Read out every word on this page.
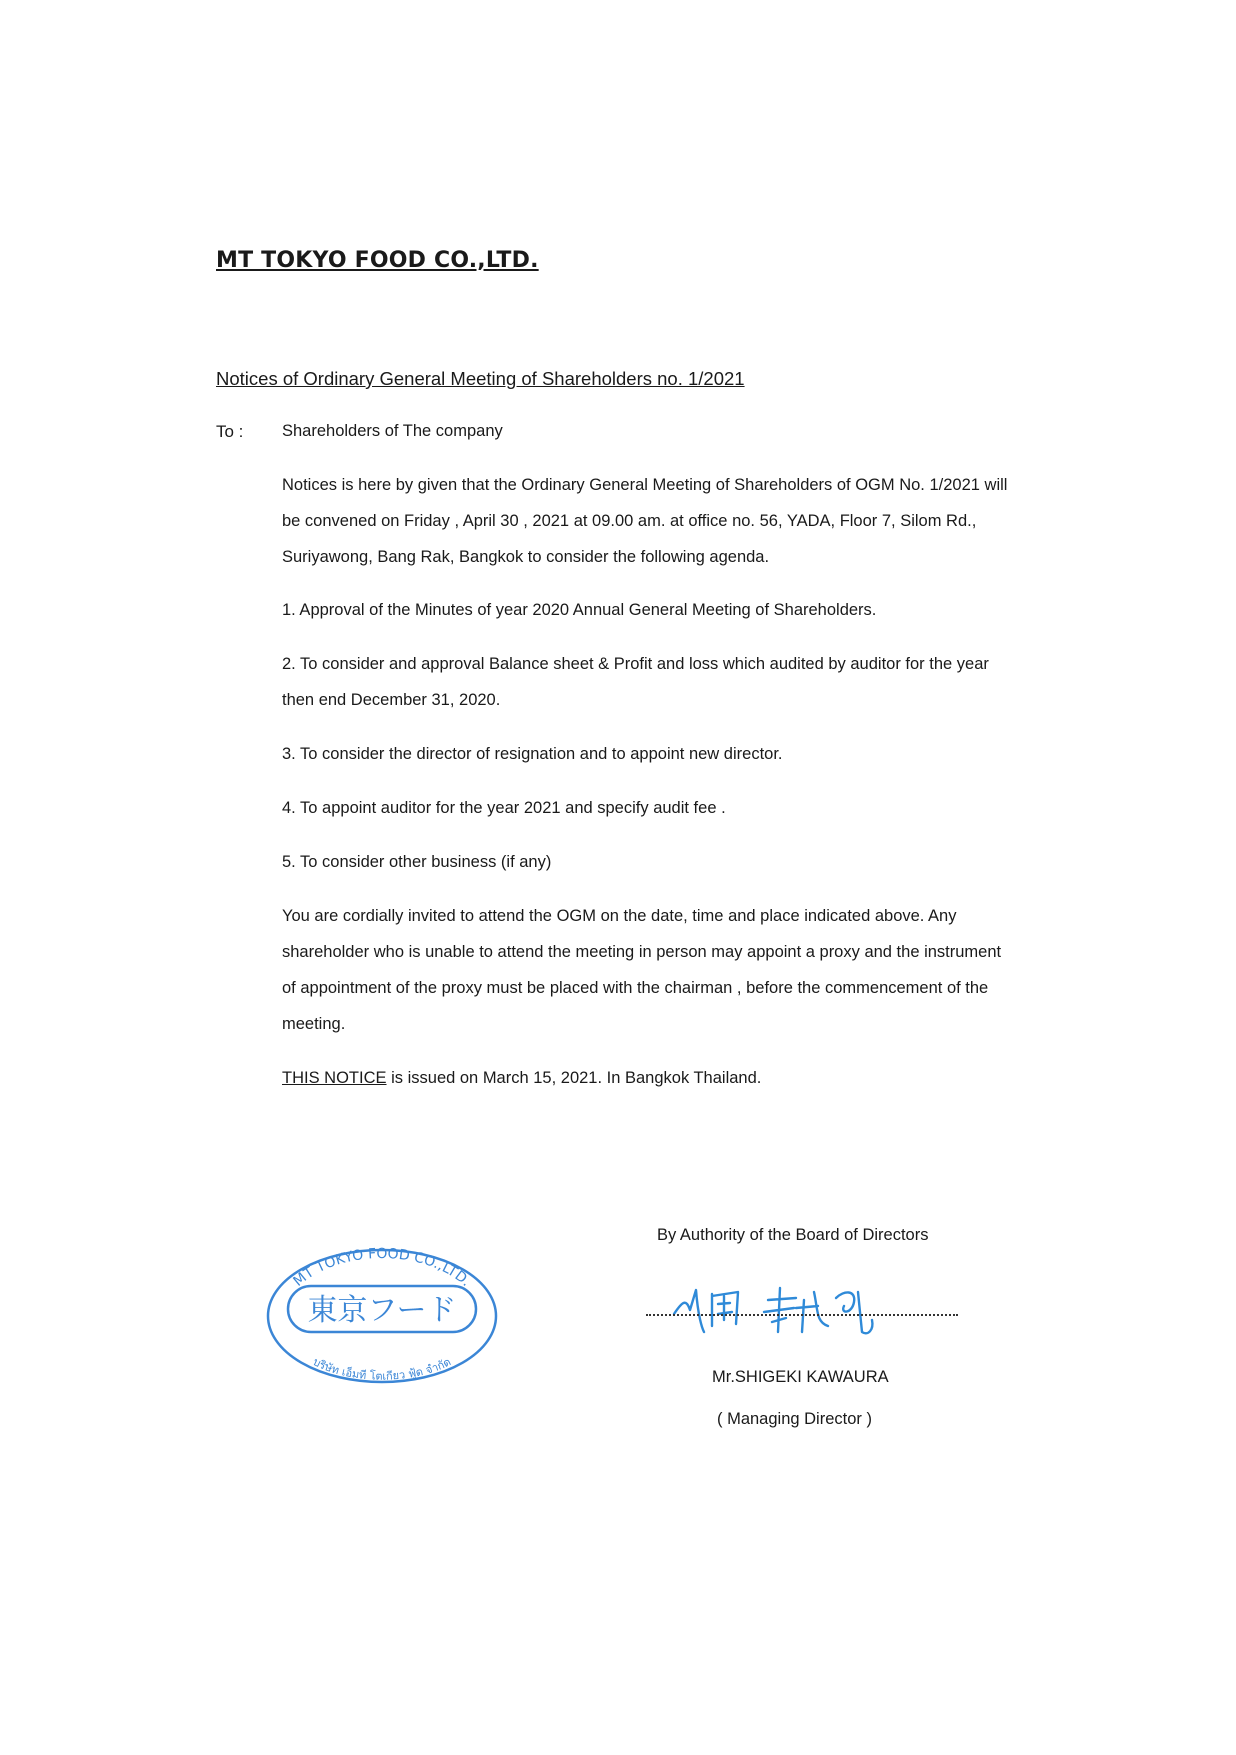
MT TOKYO FOOD CO.,LTD.
Notices of Ordinary General Meeting of Shareholders no. 1/2021
To : Shareholders of The company
Notices is here by given that the Ordinary General Meeting of Shareholders of OGM No. 1/2021 will
be convened on Friday , April 30 , 2021 at 09.00 am. at office no. 56, YADA, Floor 7, Silom Rd.,
Suriyawong, Bang Rak, Bangkok to consider the following agenda.
1. Approval of the Minutes of year 2020 Annual General Meeting of Shareholders.
2. To consider and approval Balance sheet & Profit and loss which audited by auditor for the year
then end December 31, 2020.
3. To consider the director of resignation and to appoint new director.
4. To appoint auditor for the year 2021 and specify audit fee .
5. To consider other business (if any)
You are cordially invited to attend the OGM on the date, time and place indicated above. Any
shareholder who is unable to attend the meeting in person may appoint a proxy and the instrument
of appointment of the proxy must be placed with the chairman , before the commencement of the
meeting.
THIS NOTICE is issued on March 15, 2021. In Bangkok Thailand.
MT TOKYO FOOD CO.,LTD.
東京フード
บริษัท เอ็มที โตเกียว ฟู้ด จำกัด
By Authority of the Board of Directors
Mr.SHIGEKI KAWAURA
( Managing Director )
